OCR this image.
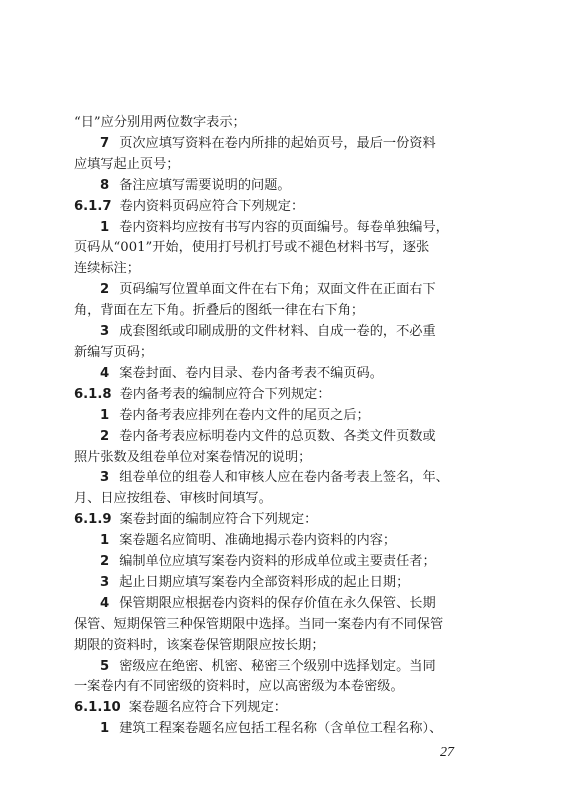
“日”应分别用两位数字表示；

7 页次应填写资料在卷内所排的起始页号，最后一份资料

应填写起止页号；

8 备注应填写需要说明的问题。

6.1.7 卷内资料页码应符合下列规定：

1 卷内资料均应按有书写内容的页面编号。每卷单独编号，

页码从“001”开始，使用打号机打号或不褪色材料书写，逐张

连续标注；

2 页码编写位置单面文件在右下角；双面文件在正面右下

角，背面在左下角。折叠后的图纸一律在右下角；

3 成套图纸或印刷成册的文件材料、自成一卷的，不必重

新编写页码；

4 案卷封面、卷内目录、卷内备考表不编页码。

6.1.8 卷内备考表的编制应符合下列规定：

1 卷内备考表应排列在卷内文件的尾页之后；

2 卷内备考表应标明卷内文件的总页数、各类文件页数或

照片张数及组卷单位对案卷情况的说明；

3 组卷单位的组卷人和审核人应在卷内备考表上签名，年、

月、日应按组卷、审核时间填写。

6.1.9 案卷封面的编制应符合下列规定：

1 案卷题名应简明、准确地揭示卷内资料的内容；

2 编制单位应填写案卷内资料的形成单位或主要责任者；

3 起止日期应填写案卷内全部资料形成的起止日期；

4 保管期限应根据卷内资料的保存价值在永久保管、长期

保管、短期保管三种保管期限中选择。当同一案卷内有不同保管

期限的资料时，该案卷保管期限应按长期；

5 密级应在绝密、机密、秘密三个级别中选择划定。当同

一案卷内有不同密级的资料时，应以高密级为本卷密级。

6.1.10 案卷题名应符合下列规定：

1 建筑工程案卷题名应包括工程名称（含单位工程名称）、

27
